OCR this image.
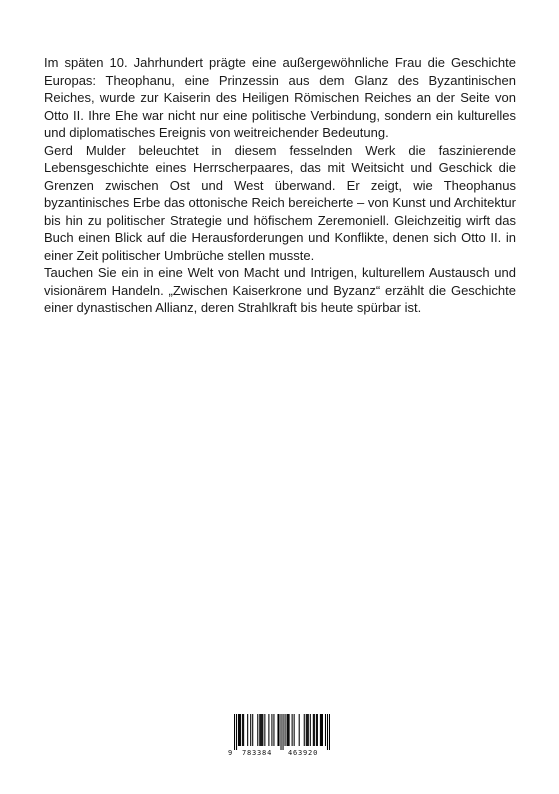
Im späten 10. Jahrhundert prägte eine außergewöhnliche Frau die Geschichte Europas: Theophanu, eine Prinzessin aus dem Glanz des Byzantinischen Reiches, wurde zur Kaiserin des Heiligen Römischen Reiches an der Seite von Otto II. Ihre Ehe war nicht nur eine politische Verbindung, sondern ein kulturelles und diplomatisches Ereignis von weitreichender Bedeutung.

Gerd Mulder beleuchtet in diesem fesselnden Werk die faszinierende Lebensgeschichte eines Herrscherpaares, das mit Weitsicht und Geschick die Grenzen zwischen Ost und West überwand. Er zeigt, wie Theophanus byzantinisches Erbe das ottonische Reich bereicherte – von Kunst und Architektur bis hin zu politischer Strategie und höfischem Zeremoniell. Gleichzeitig wirft das Buch einen Blick auf die Herausforderungen und Konflikte, denen sich Otto II. in einer Zeit politischer Umbrüche stellen musste.

Tauchen Sie ein in eine Welt von Macht und Intrigen, kulturellem Austausch und visionärem Handeln. „Zwischen Kaiserkrone und Byzanz“ erzählt die Geschichte einer dynastischen Allianz, deren Strahlkraft bis heute spürbar ist.

9 783384 463920
